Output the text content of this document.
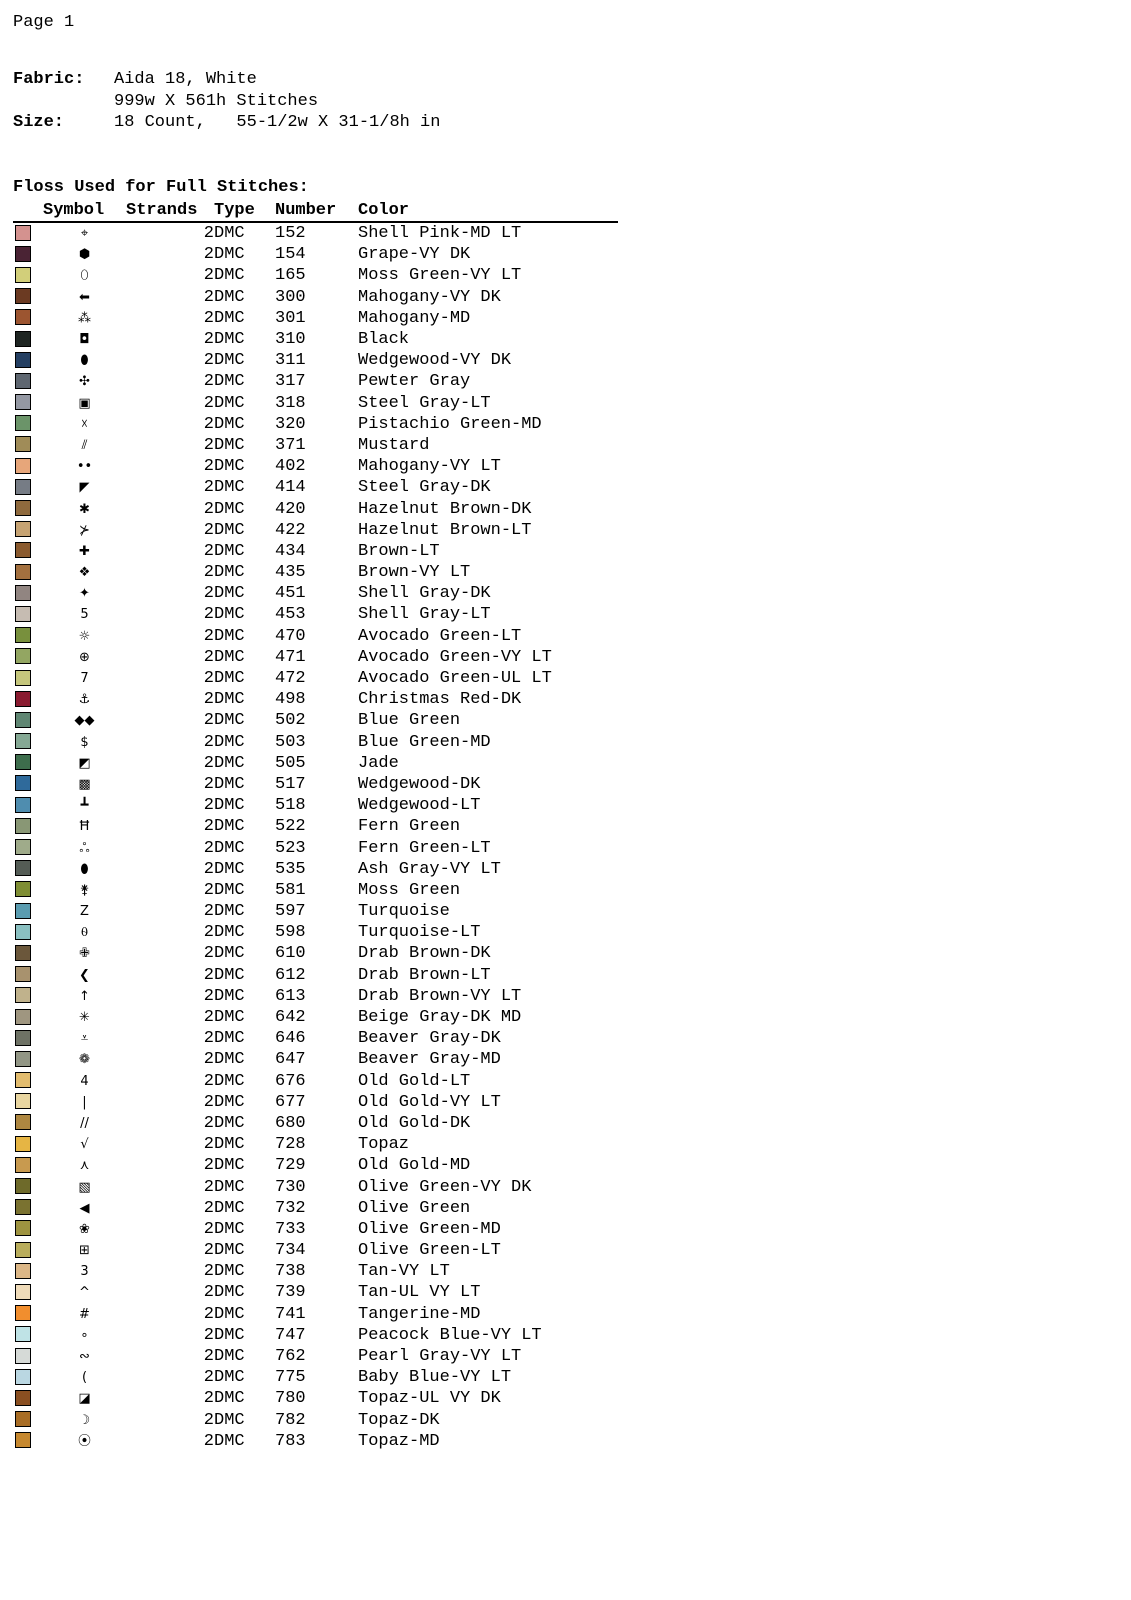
Page 1
Fabric:	Aida 18, White
999w X 561h Stitches
Size:	18 Count,   55-1/2w X 31-1/8h in
Floss Used for Full Stitches:
	Symbol	Strands	Type	Number	Color
	⌖	2	DMC	152	Shell Pink-MD LT
	⬢	2	DMC	154	Grape-VY DK
	⬯	2	DMC	165	Moss Green-VY LT
	⬅	2	DMC	300	Mahogany-VY DK
	⁂	2	DMC	301	Mahogany-MD
	◘	2	DMC	310	Black
	⬮	2	DMC	311	Wedgewood-VY DK
	✣	2	DMC	317	Pewter Gray
	▣	2	DMC	318	Steel Gray-LT
	☓	2	DMC	320	Pistachio Green-MD
	⫽	2	DMC	371	Mustard
	••	2	DMC	402	Mahogany-VY LT
	◤	2	DMC	414	Steel Gray-DK
	✱	2	DMC	420	Hazelnut Brown-DK
	⊁	2	DMC	422	Hazelnut Brown-LT
	✚	2	DMC	434	Brown-LT
	❖	2	DMC	435	Brown-VY LT
	✦	2	DMC	451	Shell Gray-DK
	5	2	DMC	453	Shell Gray-LT
	☼	2	DMC	470	Avocado Green-LT
	⊕	2	DMC	471	Avocado Green-VY LT
	7	2	DMC	472	Avocado Green-UL LT
	⚓	2	DMC	498	Christmas Red-DK
	◆◆	2	DMC	502	Blue Green
	$	2	DMC	503	Blue Green-MD
	◩	2	DMC	505	Jade
	▩	2	DMC	517	Wedgewood-DK
	┻	2	DMC	518	Wedgewood-LT
	Ħ	2	DMC	522	Fern Green
	ஃ	2	DMC	523	Fern Green-LT
	⬮	2	DMC	535	Ash Gray-VY LT
	⚵	2	DMC	581	Moss Green
	Z	2	DMC	597	Turquoise
	⍬	2	DMC	598	Turquoise-LT
	✙	2	DMC	610	Drab Brown-DK
	❮	2	DMC	612	Drab Brown-LT
	↑	2	DMC	613	Drab Brown-VY LT
	✳	2	DMC	642	Beige Gray-DK MD
	⩡	2	DMC	646	Beaver Gray-DK
	❁	2	DMC	647	Beaver Gray-MD
	4	2	DMC	676	Old Gold-LT
	|	2	DMC	677	Old Gold-VY LT
	//	2	DMC	680	Old Gold-DK
	√	2	DMC	728	Topaz
	⋏	2	DMC	729	Old Gold-MD
	▧	2	DMC	730	Olive Green-VY DK
	◀	2	DMC	732	Olive Green
	❀	2	DMC	733	Olive Green-MD
	⊞	2	DMC	734	Olive Green-LT
	3	2	DMC	738	Tan-VY LT
	^	2	DMC	739	Tan-UL VY LT
	#	2	DMC	741	Tangerine-MD
	∘	2	DMC	747	Peacock Blue-VY LT
	∾	2	DMC	762	Pearl Gray-VY LT
	(	2	DMC	775	Baby Blue-VY LT
	◪	2	DMC	780	Topaz-UL VY DK
	☽	2	DMC	782	Topaz-DK
	⦿	2	DMC	783	Topaz-MD
